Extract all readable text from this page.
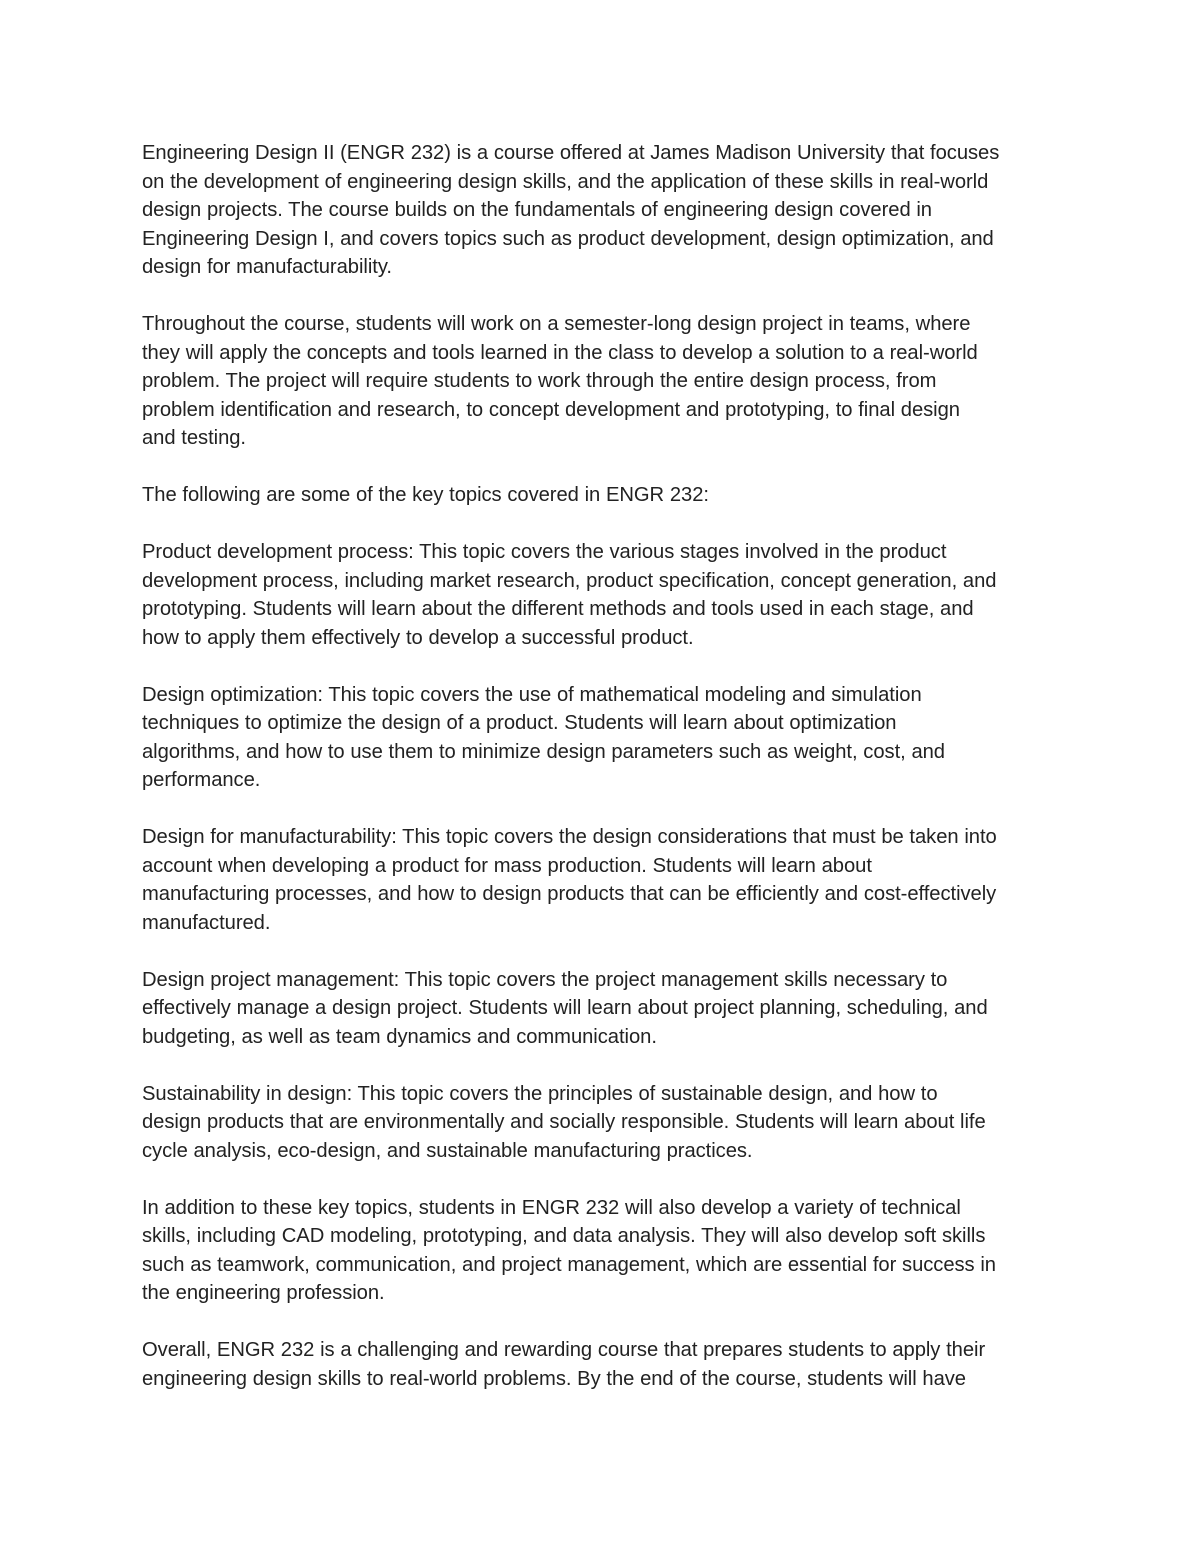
Engineering Design II (ENGR 232) is a course offered at James Madison University that focuses
on the development of engineering design skills, and the application of these skills in real-world
design projects. The course builds on the fundamentals of engineering design covered in
Engineering Design I, and covers topics such as product development, design optimization, and
design for manufacturability.

Throughout the course, students will work on a semester-long design project in teams, where
they will apply the concepts and tools learned in the class to develop a solution to a real-world
problem. The project will require students to work through the entire design process, from
problem identification and research, to concept development and prototyping, to final design
and testing.

The following are some of the key topics covered in ENGR 232:

Product development process: This topic covers the various stages involved in the product
development process, including market research, product specification, concept generation, and
prototyping. Students will learn about the different methods and tools used in each stage, and
how to apply them effectively to develop a successful product.

Design optimization: This topic covers the use of mathematical modeling and simulation
techniques to optimize the design of a product. Students will learn about optimization
algorithms, and how to use them to minimize design parameters such as weight, cost, and
performance.

Design for manufacturability: This topic covers the design considerations that must be taken into
account when developing a product for mass production. Students will learn about
manufacturing processes, and how to design products that can be efficiently and cost-effectively
manufactured.

Design project management: This topic covers the project management skills necessary to
effectively manage a design project. Students will learn about project planning, scheduling, and
budgeting, as well as team dynamics and communication.

Sustainability in design: This topic covers the principles of sustainable design, and how to
design products that are environmentally and socially responsible. Students will learn about life
cycle analysis, eco-design, and sustainable manufacturing practices.

In addition to these key topics, students in ENGR 232 will also develop a variety of technical
skills, including CAD modeling, prototyping, and data analysis. They will also develop soft skills
such as teamwork, communication, and project management, which are essential for success in
the engineering profession.

Overall, ENGR 232 is a challenging and rewarding course that prepares students to apply their
engineering design skills to real-world problems. By the end of the course, students will have
